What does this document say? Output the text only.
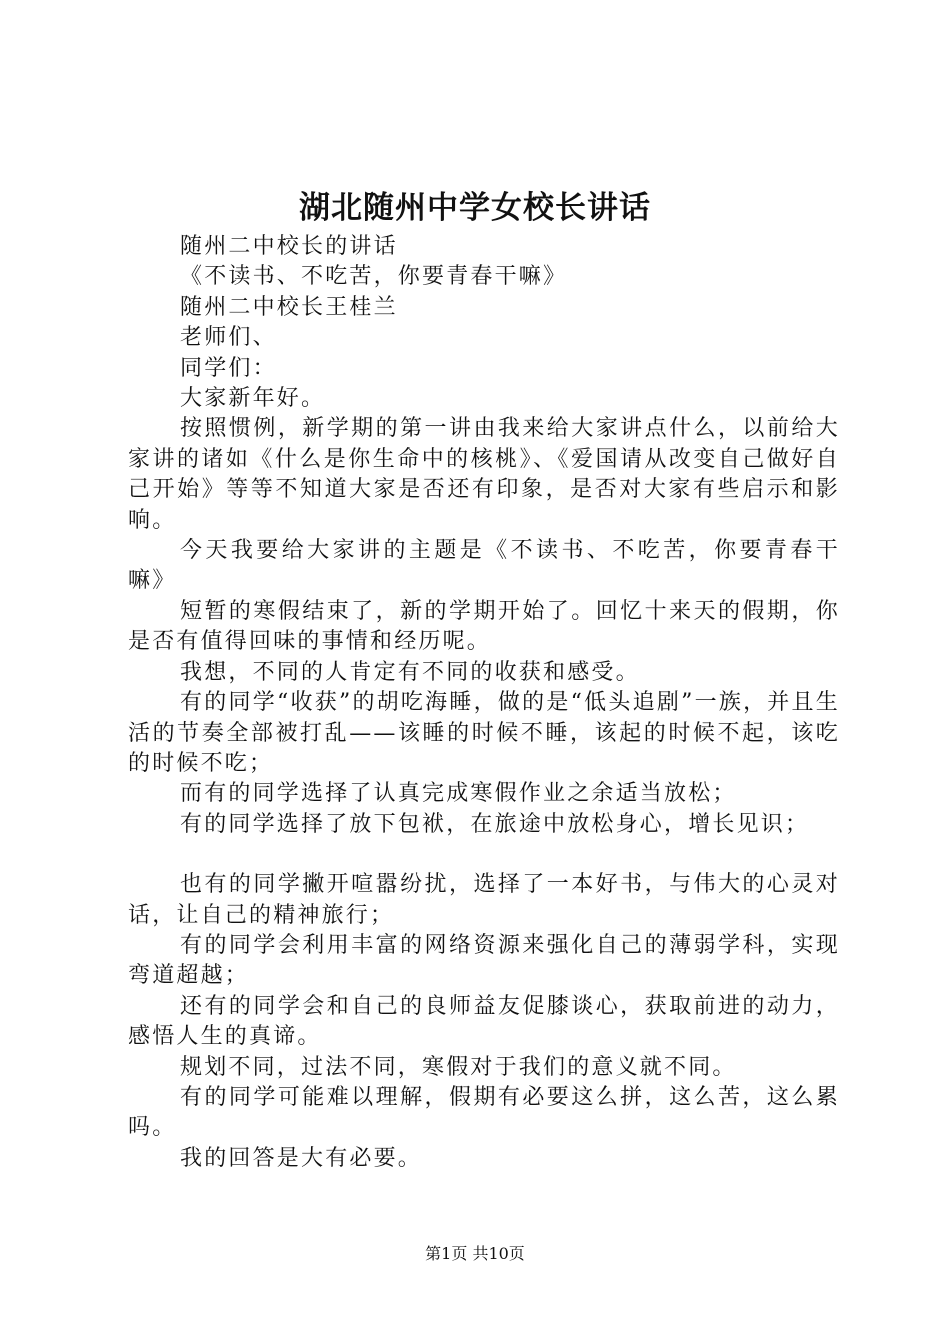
湖北随州中学女校长讲话

随州二中校长的讲话

《不读书、不吃苦，你要青春干嘛》

随州二中校长王桂兰

老师们、

同学们：

大家新年好。

按照惯例，新学期的第一讲由我来给大家讲点什么，以前给大家讲的诸如《什么是你生命中的核桃》、《爱国请从改变自己做好自己开始》等等不知道大家是否还有印象，是否对大家有些启示和影响。

今天我要给大家讲的主题是《不读书、不吃苦，你要青春干嘛》

短暂的寒假结束了，新的学期开始了。回忆十来天的假期，你是否有值得回味的事情和经历呢。

我想，不同的人肯定有不同的收获和感受。

有的同学“收获”的胡吃海睡，做的是“低头追剧”一族，并且生活的节奏全部被打乱——该睡的时候不睡，该起的时候不起，该吃的时候不吃；

而有的同学选择了认真完成寒假作业之余适当放松；

有的同学选择了放下包袱，在旅途中放松身心，增长见识；

也有的同学撇开喧嚣纷扰，选择了一本好书，与伟大的心灵对话，让自己的精神旅行；

有的同学会利用丰富的网络资源来强化自己的薄弱学科，实现弯道超越；

还有的同学会和自己的良师益友促膝谈心，获取前进的动力，感悟人生的真谛。

规划不同，过法不同，寒假对于我们的意义就不同。

有的同学可能难以理解，假期有必要这么拼，这么苦，这么累吗。

我的回答是大有必要。

第1页 共10页
